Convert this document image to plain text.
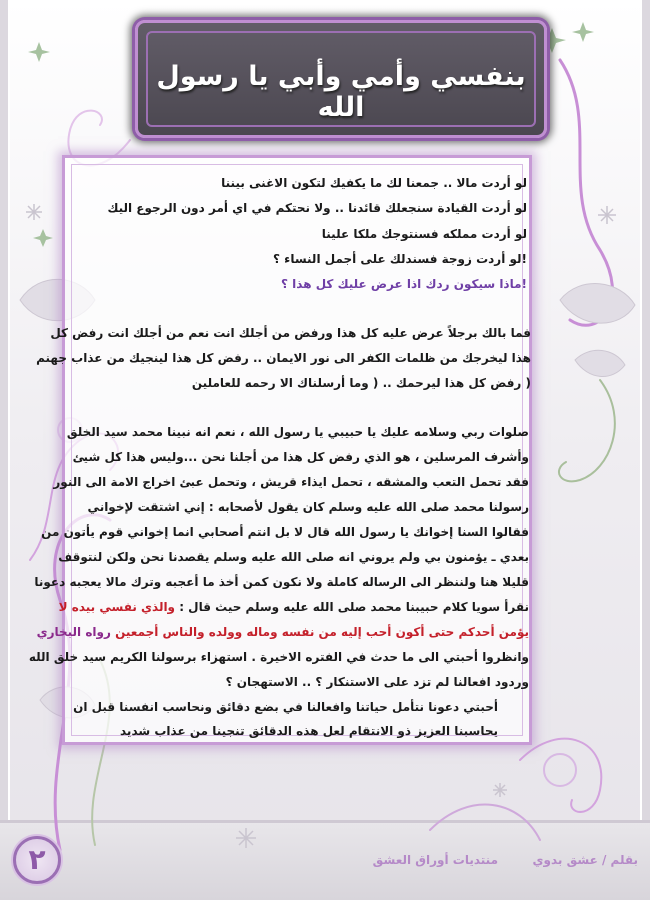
بنفسي وأمي وأبي يا رسول الله
لو أردت مالا .. جمعنا لك ما يكفيك لتكون الاغنى بيننا
لو أردت القيادة سنجعلك قائدنا .. ولا نحتكم في اي أمر دون الرجوع اليك
لو أردت مملكه فسنتوجك ملكا علينا
!لو أردت زوجة فسندلك على أجمل النساء ؟
!ماذا سيكون ردك اذا عرض عليك كل هذا ؟
فما بالك برجلاً عرض عليه كل هذا ورفض من أجلك انت نعم من أجلك انت رفض كل
هذا ليخرجك من ظلمات الكفر الى نور الايمان .. رفض كل هذا لينجيك من عذاب جهنم
( رفض كل هذا ليرحمك .. ( وما أرسلناك الا رحمه للعاملين
صلوات ربي وسلامه عليك يا حبيبي يا رسول الله ، نعم انه نبينا محمد سيد الخلق
وأشرف المرسلين ، هو الذي رفض كل هذا من أجلنا نحن ...وليس هذا كل شيئ
فقد تحمل التعب والمشقه ، تحمل ايذاء قريش ، وتحمل عبئ اخراج الامة الى النور
رسولنا محمد صلى الله عليه وسلم كان يقول لأصحابه : إني اشتقت لإخواني
فقالوا السنا إخوانك يا رسول الله قال لا بل انتم أصحابي انما إخواني قوم يأتون من
بعدي ـ يؤمنون بي ولم يروني انه صلى الله عليه وسلم يقصدنا نحن ولكن لنتوقف
قليلا هنا ولننظر الى الرساله كاملة ولا نكون كمن أخذ ما أعجبه وترك مالا يعجبه دعونا
نقرأ سويا كلام حبيبنا محمد صلى الله عليه وسلم حيث قال : والذي نفسي بيده لا
يؤمن أحدكم حتى أكون أحب إليه من نفسه وماله وولده والناس أجمعين رواه البخاري
وانظروا أحبتي الى ما حدث في الفتره الاخيرة . استهزاء برسولنا الكريم سيد خلق الله
وردود افعالنا لم تزد على الاستنكار ؟ .. الاستهجان ؟
أحبتي دعونا نتأمل حياتنا وافعالنا في بضع دقائق ونحاسب انفسنا قبل ان
يحاسبنا العزيز ذو الانتقام لعل هذه الدقائق تنجينا من عذاب شديد
بقلم / عشق بدوي
منتديات أوراق العشق
٢
